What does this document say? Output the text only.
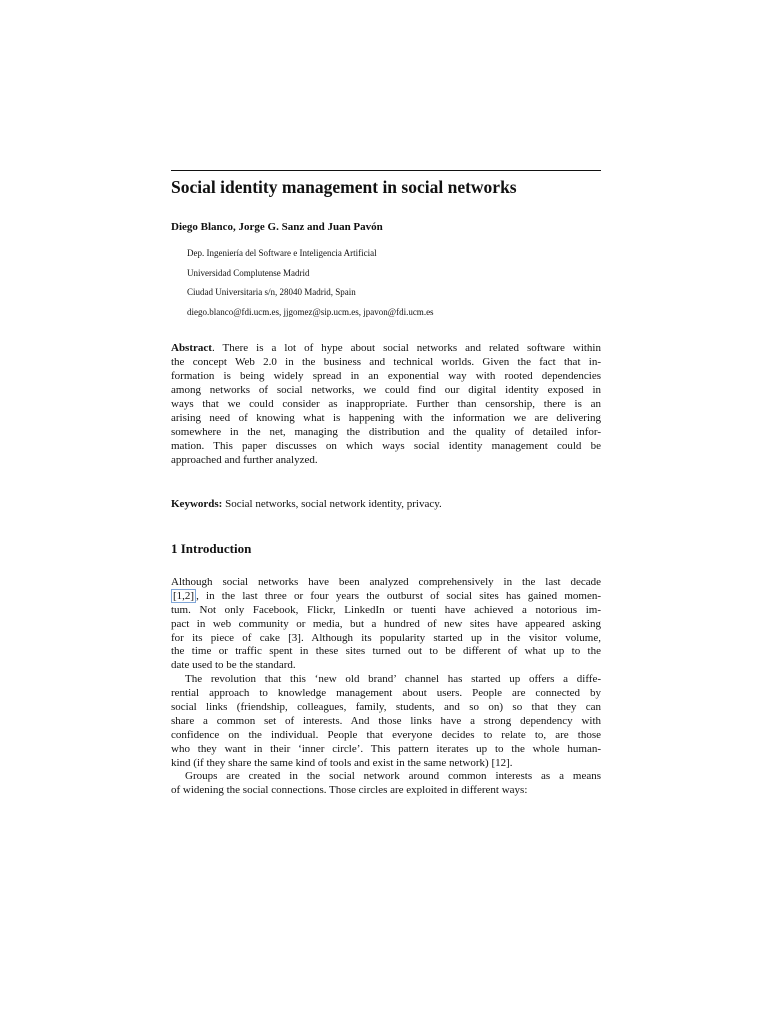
Social identity management in social networks
Diego Blanco, Jorge G. Sanz and Juan Pavón
Dep. Ingeniería del Software e Inteligencia Artificial
Universidad Complutense Madrid
Ciudad Universitaria s/n, 28040 Madrid, Spain
diego.blanco@fdi.ucm.es, jjgomez@sip.ucm.es, jpavon@fdi.ucm.es
Abstract. There is a lot of hype about social networks and related software within
the concept Web 2.0 in the business and technical worlds. Given the fact that in-
formation is being widely spread in an exponential way with rooted dependencies
among networks of social networks, we could find our digital identity exposed in
ways that we could consider as inappropriate. Further than censorship, there is an
arising need of knowing what is happening with the information we are delivering
somewhere in the net, managing the distribution and the quality of detailed infor-
mation. This paper discusses on which ways social identity management could be
approached and further analyzed.
Keywords: Social networks, social network identity, privacy.
1 Introduction
Although social networks have been analyzed comprehensively in the last decade
[1,2] , in the last three or four years the outburst of social sites has gained momen-
tum. Not only Facebook, Flickr, LinkedIn or tuenti have achieved a notorious im-
pact in web community or media, but a hundred of new sites have appeared asking
for its piece of cake [3]. Although its popularity started up in the visitor volume,
the time or traffic spent in these sites turned out to be different of what up to the
date used to be the standard.
The revolution that this ‘new old brand’ channel has started up offers a diffe-
rential approach to knowledge management about users. People are connected by
social links (friendship, colleagues, family, students, and so on) so that they can
share a common set of interests. And those links have a strong dependency with
confidence on the individual. People that everyone decides to relate to, are those
who they want in their ‘inner circle’. This pattern iterates up to the whole human-
kind (if they share the same kind of tools and exist in the same network) [12].
Groups are created in the social network around common interests as a means
of widening the social connections. Those circles are exploited in different ways:
